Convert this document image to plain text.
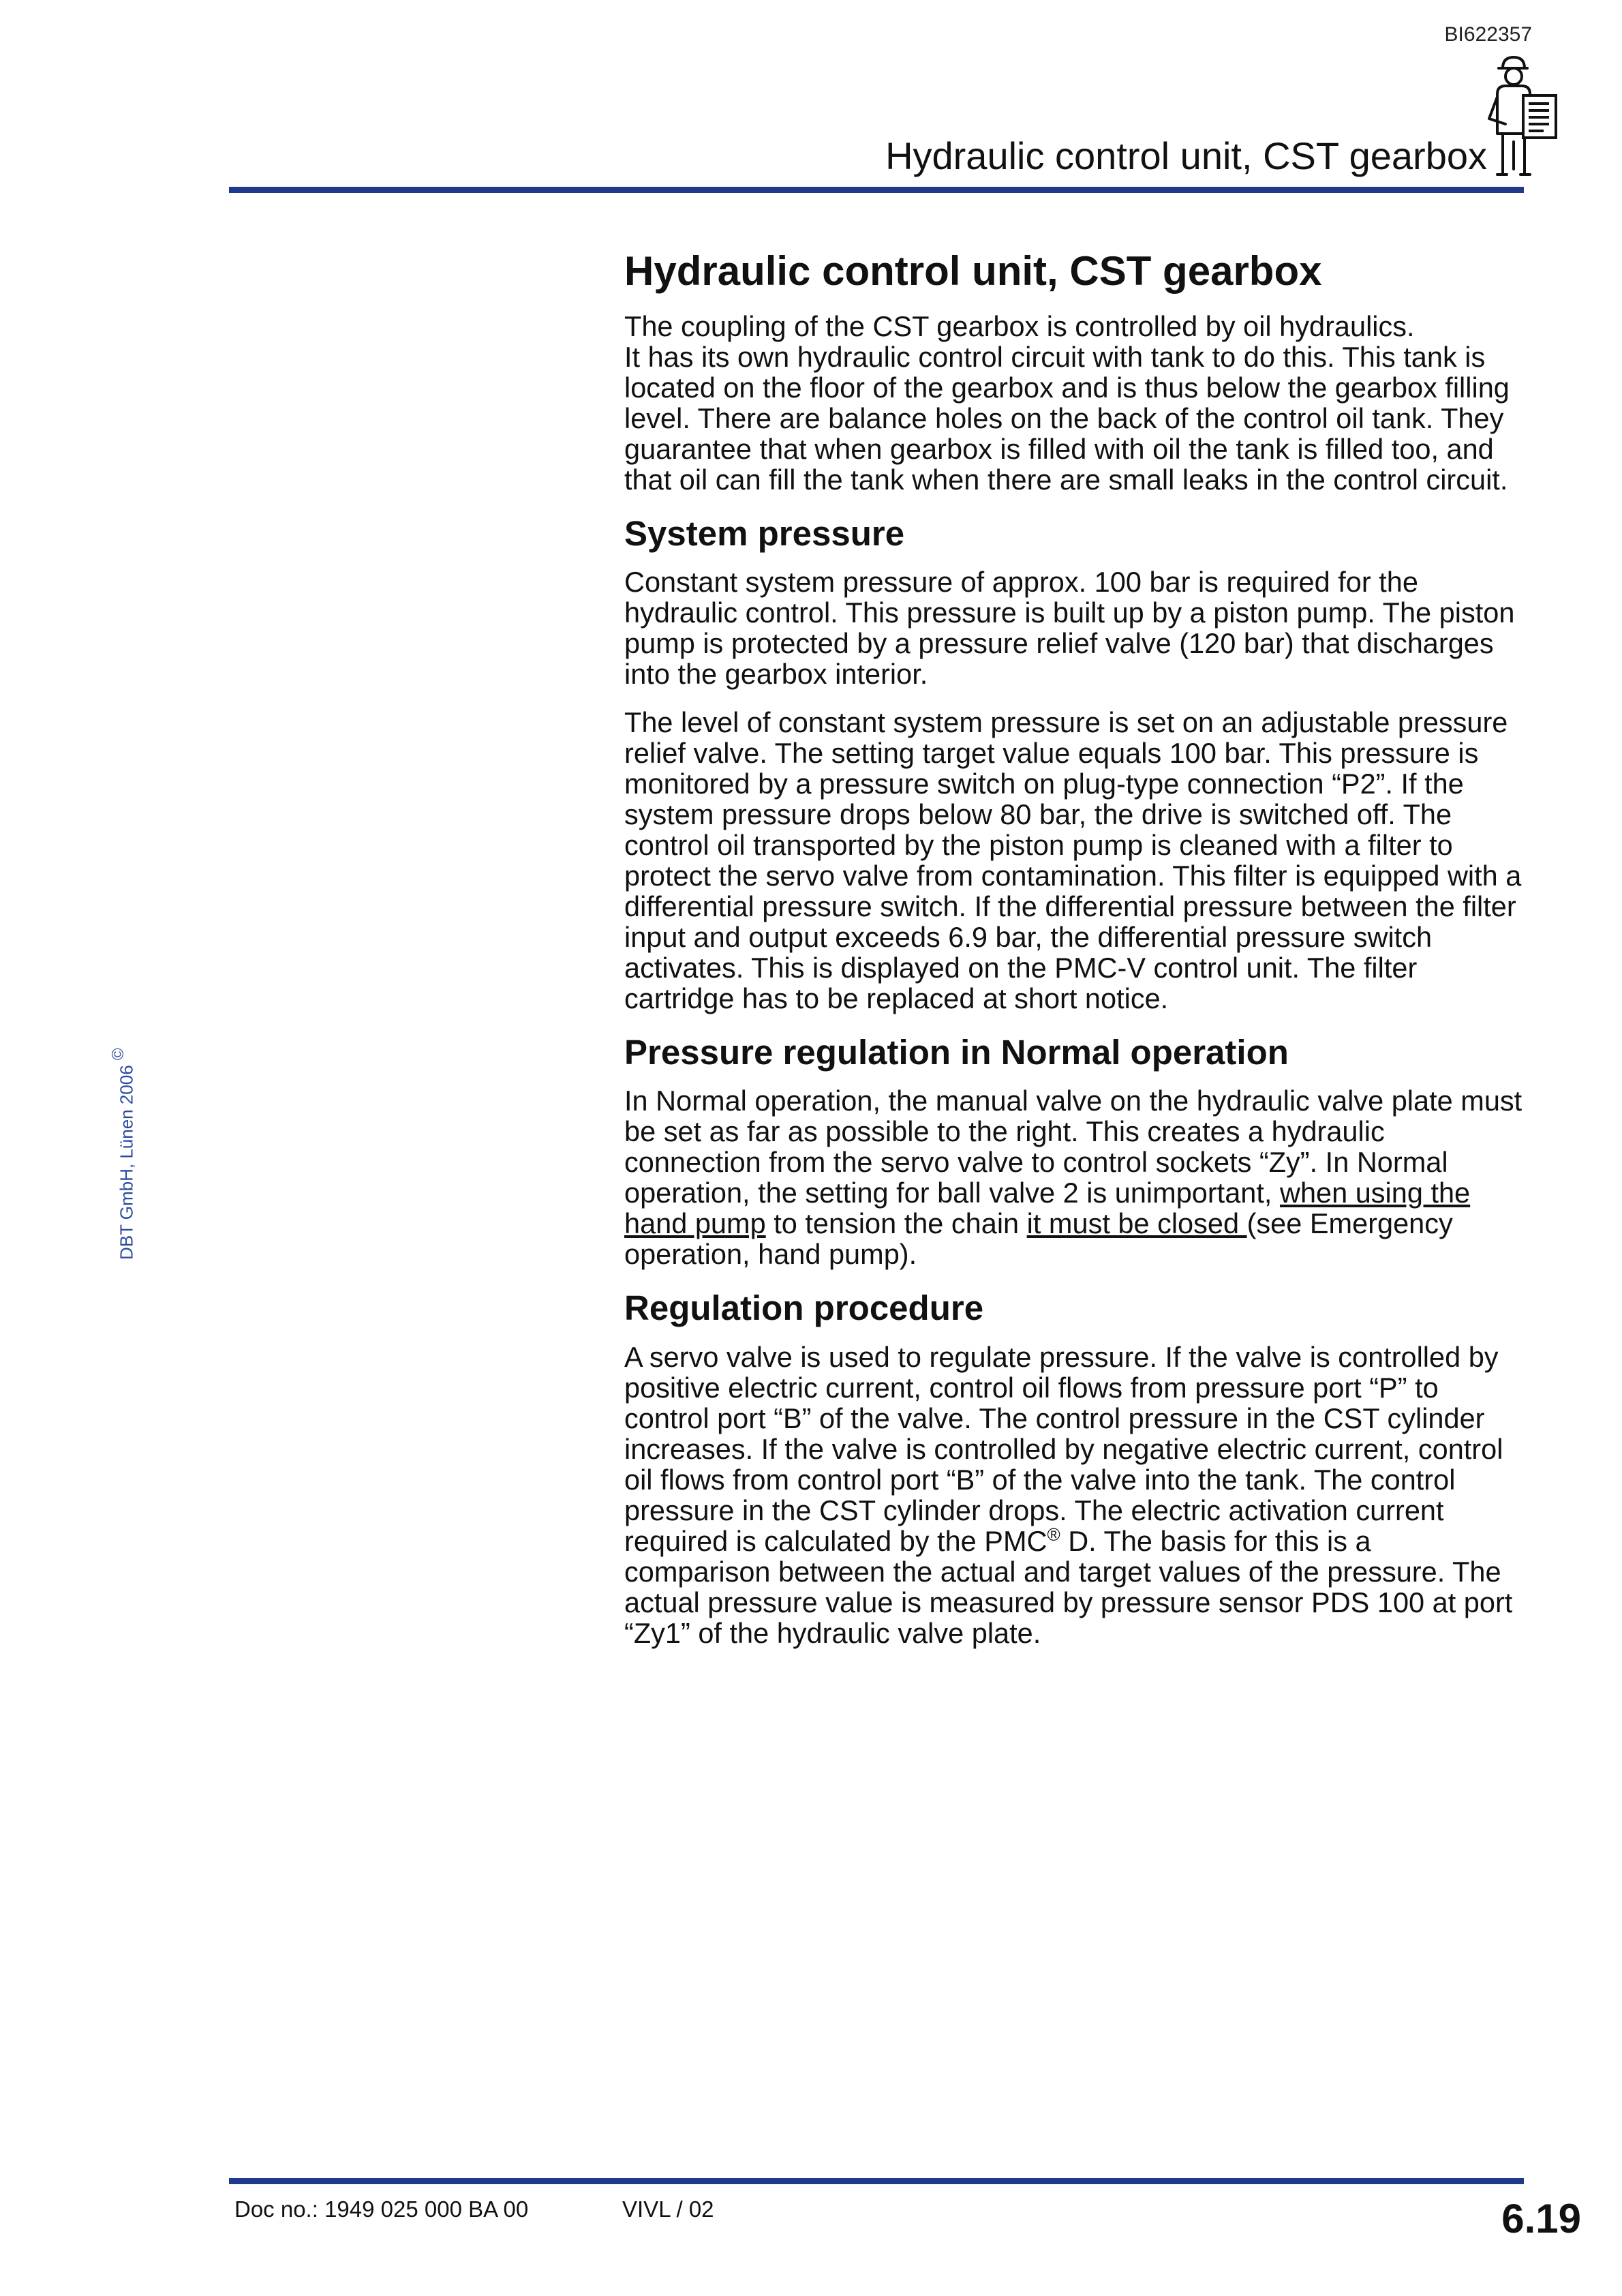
BI622357
Hydraulic control unit, CST gearbox
DBT GmbH, Lünen 2006 ©
Hydraulic control unit, CST gearbox

The coupling of the CST gearbox is controlled by oil hydraulics.
It has its own hydraulic control circuit with tank to do this. This tank is located on the floor of the gearbox and is thus below the gearbox filling level. There are balance holes on the back of the control oil tank. They guarantee that when gearbox is filled with oil the tank is filled too, and that oil can fill the tank when there are small leaks in the control circuit.

System pressure

Constant system pressure of approx. 100 bar is required for the hydraulic control. This pressure is built up by a piston pump. The piston pump is protected by a pressure relief valve (120 bar) that discharges into the gearbox interior.

The level of constant system pressure is set on an adjustable pressure relief valve. The setting target value equals 100 bar. This pressure is monitored by a pressure switch on plug-type connection “P2”. If the system pressure drops below 80 bar, the drive is switched off. The control oil transported by the piston pump is cleaned with a filter to protect the servo valve from contamination. This filter is equipped with a differential pressure switch. If the differential pressure between the filter input and output exceeds 6.9 bar, the differential pressure switch activates. This is displayed on the PMC-V control unit. The filter cartridge has to be replaced at short notice.

Pressure regulation in Normal operation

In Normal operation, the manual valve on the hydraulic valve plate must be set as far as possible to the right. This creates a hydraulic connection from the servo valve to control sockets “Zy”. In Normal operation, the setting for ball valve 2 is unimportant, when using the hand pump to tension the chain it must be closed (see Emergency operation, hand pump).

Regulation procedure

A servo valve is used to regulate pressure. If the valve is controlled by positive electric current, control oil flows from pressure port “P” to control port “B” of the valve. The control pressure in the CST cylinder increases. If the valve is controlled by negative electric current, control oil flows from control port “B” of the valve into the tank. The control pressure in the CST cylinder drops. The electric activation current required is calculated by the PMC® D. The basis for this is a comparison between the actual and target values of the pressure. The actual pressure value is measured by pressure sensor PDS 100 at port “Zy1” of the hydraulic valve plate.

Doc no.: 1949 025 000 BA 00	VIVL / 02	6.19
